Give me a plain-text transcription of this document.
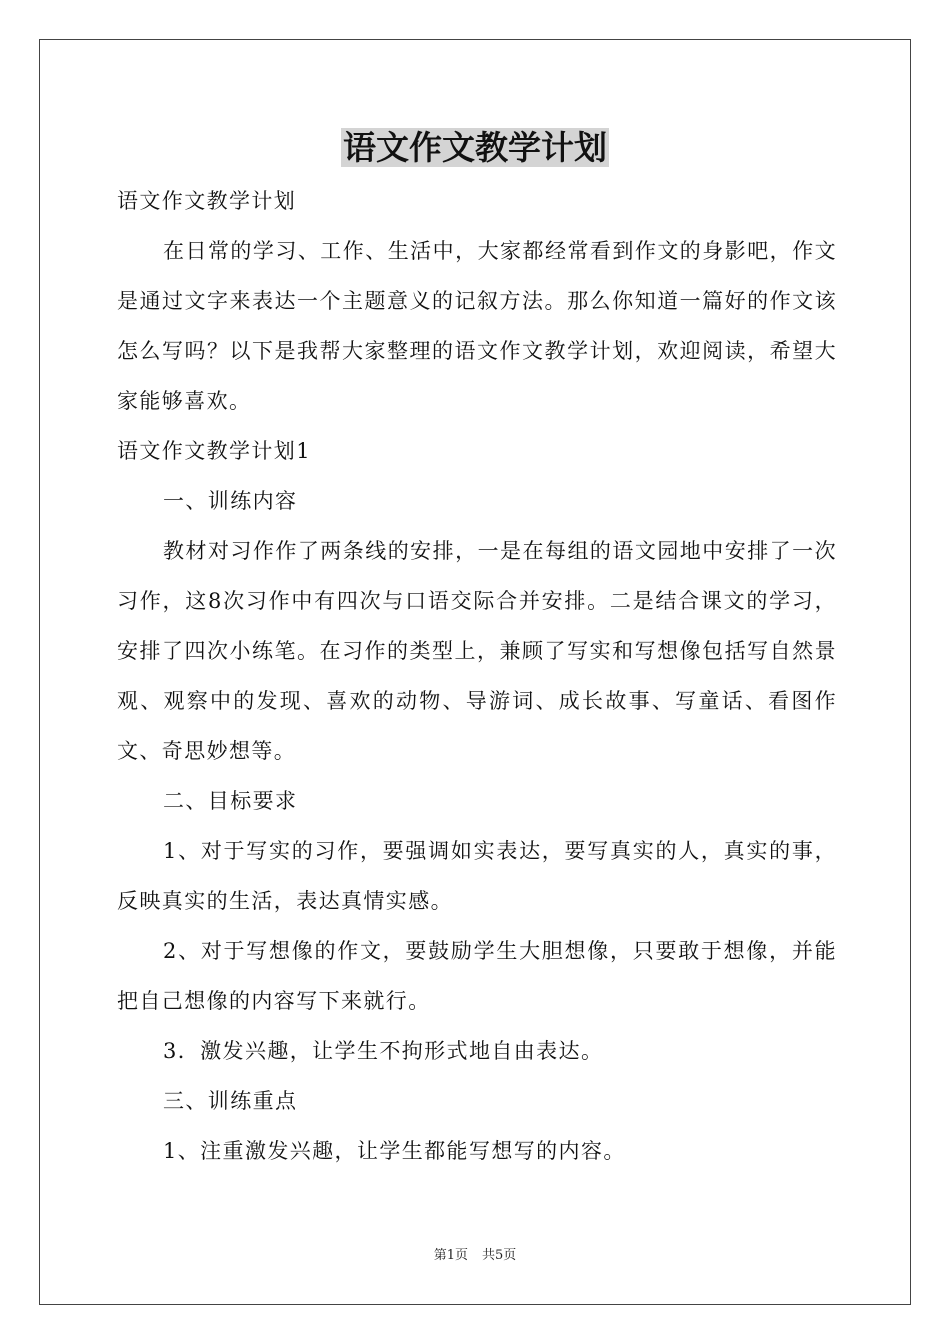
语文作文教学计划

语文作文教学计划

在日常的学习、工作、生活中，大家都经常看到作文的身影吧，作文是通过文字来表达一个主题意义的记叙方法。那么你知道一篇好的作文该怎么写吗？以下是我帮大家整理的语文作文教学计划，欢迎阅读，希望大家能够喜欢。

语文作文教学计划1

一、训练内容

教材对习作作了两条线的安排，一是在每组的语文园地中安排了一次习作，这8次习作中有四次与口语交际合并安排。二是结合课文的学习，安排了四次小练笔。在习作的类型上，兼顾了写实和写想像包括写自然景观、观察中的发现、喜欢的动物、导游词、成长故事、写童话、看图作文、奇思妙想等。

二、目标要求

1、对于写实的习作，要强调如实表达，要写真实的人，真实的事，反映真实的生活，表达真情实感。

2、对于写想像的作文，要鼓励学生大胆想像，只要敢于想像，并能把自己想像的内容写下来就行。

3．激发兴趣，让学生不拘形式地自由表达。

三、训练重点

1、注重激发兴趣，让学生都能写想写的内容。

第1页 共5页
